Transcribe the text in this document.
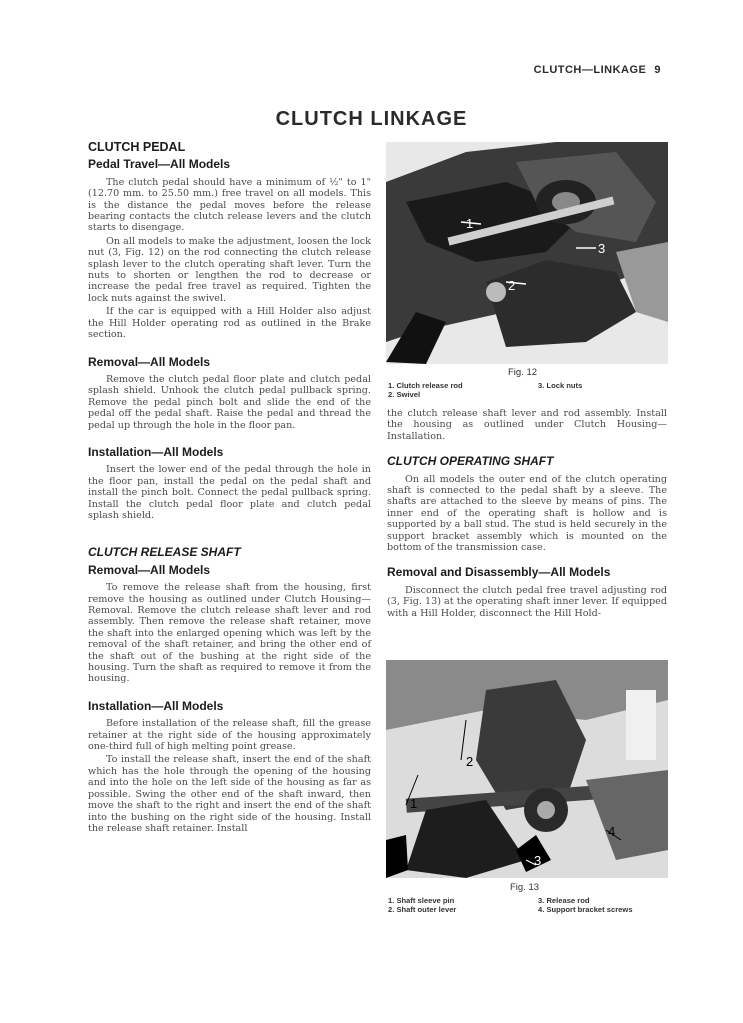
CLUTCH—LINKAGE 9
CLUTCH LINKAGE
CLUTCH PEDAL
Pedal Travel—All Models

The clutch pedal should have a minimum of ½" to 1" (12.70 mm. to 25.50 mm.) free travel on all models. This is the distance the pedal moves before the release bearing contacts the clutch release levers and the clutch starts to disengage.

On all models to make the adjustment, loosen the lock nut (3, Fig. 12) on the rod connecting the clutch release splash lever to the clutch operating shaft lever. Turn the nuts to shorten or lengthen the rod to decrease or increase the pedal free travel as required. Tighten the lock nuts against the swivel.

If the car is equipped with a Hill Holder also adjust the Hill Holder operating rod as outlined in the Brake section.

Removal—All Models

Remove the clutch pedal floor plate and clutch pedal splash shield. Unhook the clutch pedal pullback spring. Remove the pedal pinch bolt and slide the end of the pedal off the pedal shaft. Raise the pedal and thread the pedal up through the hole in the floor pan.

Installation—All Models

Insert the lower end of the pedal through the hole in the floor pan, install the pedal on the pedal shaft and install the pinch bolt. Connect the pedal pullback spring. Install the clutch pedal floor plate and clutch pedal splash shield.

CLUTCH RELEASE SHAFT
Removal—All Models

To remove the release shaft from the housing, first remove the housing as outlined under Clutch Housing—Removal. Remove the clutch release shaft lever and rod assembly. Then remove the release shaft retainer, move the shaft into the enlarged opening which was left by the removal of the shaft retainer, and bring the other end of the shaft out of the bushing at the right side of the housing. Turn the shaft as required to remove it from the housing.

Installation—All Models

Before installation of the release shaft, fill the grease retainer at the right side of the housing approximately one-third full of high melting point grease.

To install the release shaft, insert the end of the shaft which has the hole through the opening of the housing and into the hole on the left side of the housing as far as possible. Swing the other end of the shaft inward, then move the shaft to the right and insert the end of the shaft into the bushing on the right side of the housing. Install the release shaft retainer. Install

1
2
3
Fig. 12
1. Clutch release rod
2. Swivel
3. Lock nuts

the clutch release shaft lever and rod assembly. Install the housing as outlined under Clutch Housing—Installation.

CLUTCH OPERATING SHAFT

On all models the outer end of the clutch operating shaft is connected to the pedal shaft by a sleeve. The shafts are attached to the sleeve by means of pins. The inner end of the operating shaft is hollow and is supported by a ball stud. The stud is held securely in the support bracket assembly which is mounted on the bottom of the transmission case.

Removal and Disassembly—All Models

Disconnect the clutch pedal free travel adjusting rod (3, Fig. 13) at the operating shaft inner lever. If equipped with a Hill Holder, disconnect the Hill Hold-

1
2
3
4
Fig. 13
1. Shaft sleeve pin
2. Shaft outer lever
3. Release rod
4. Support bracket screws
